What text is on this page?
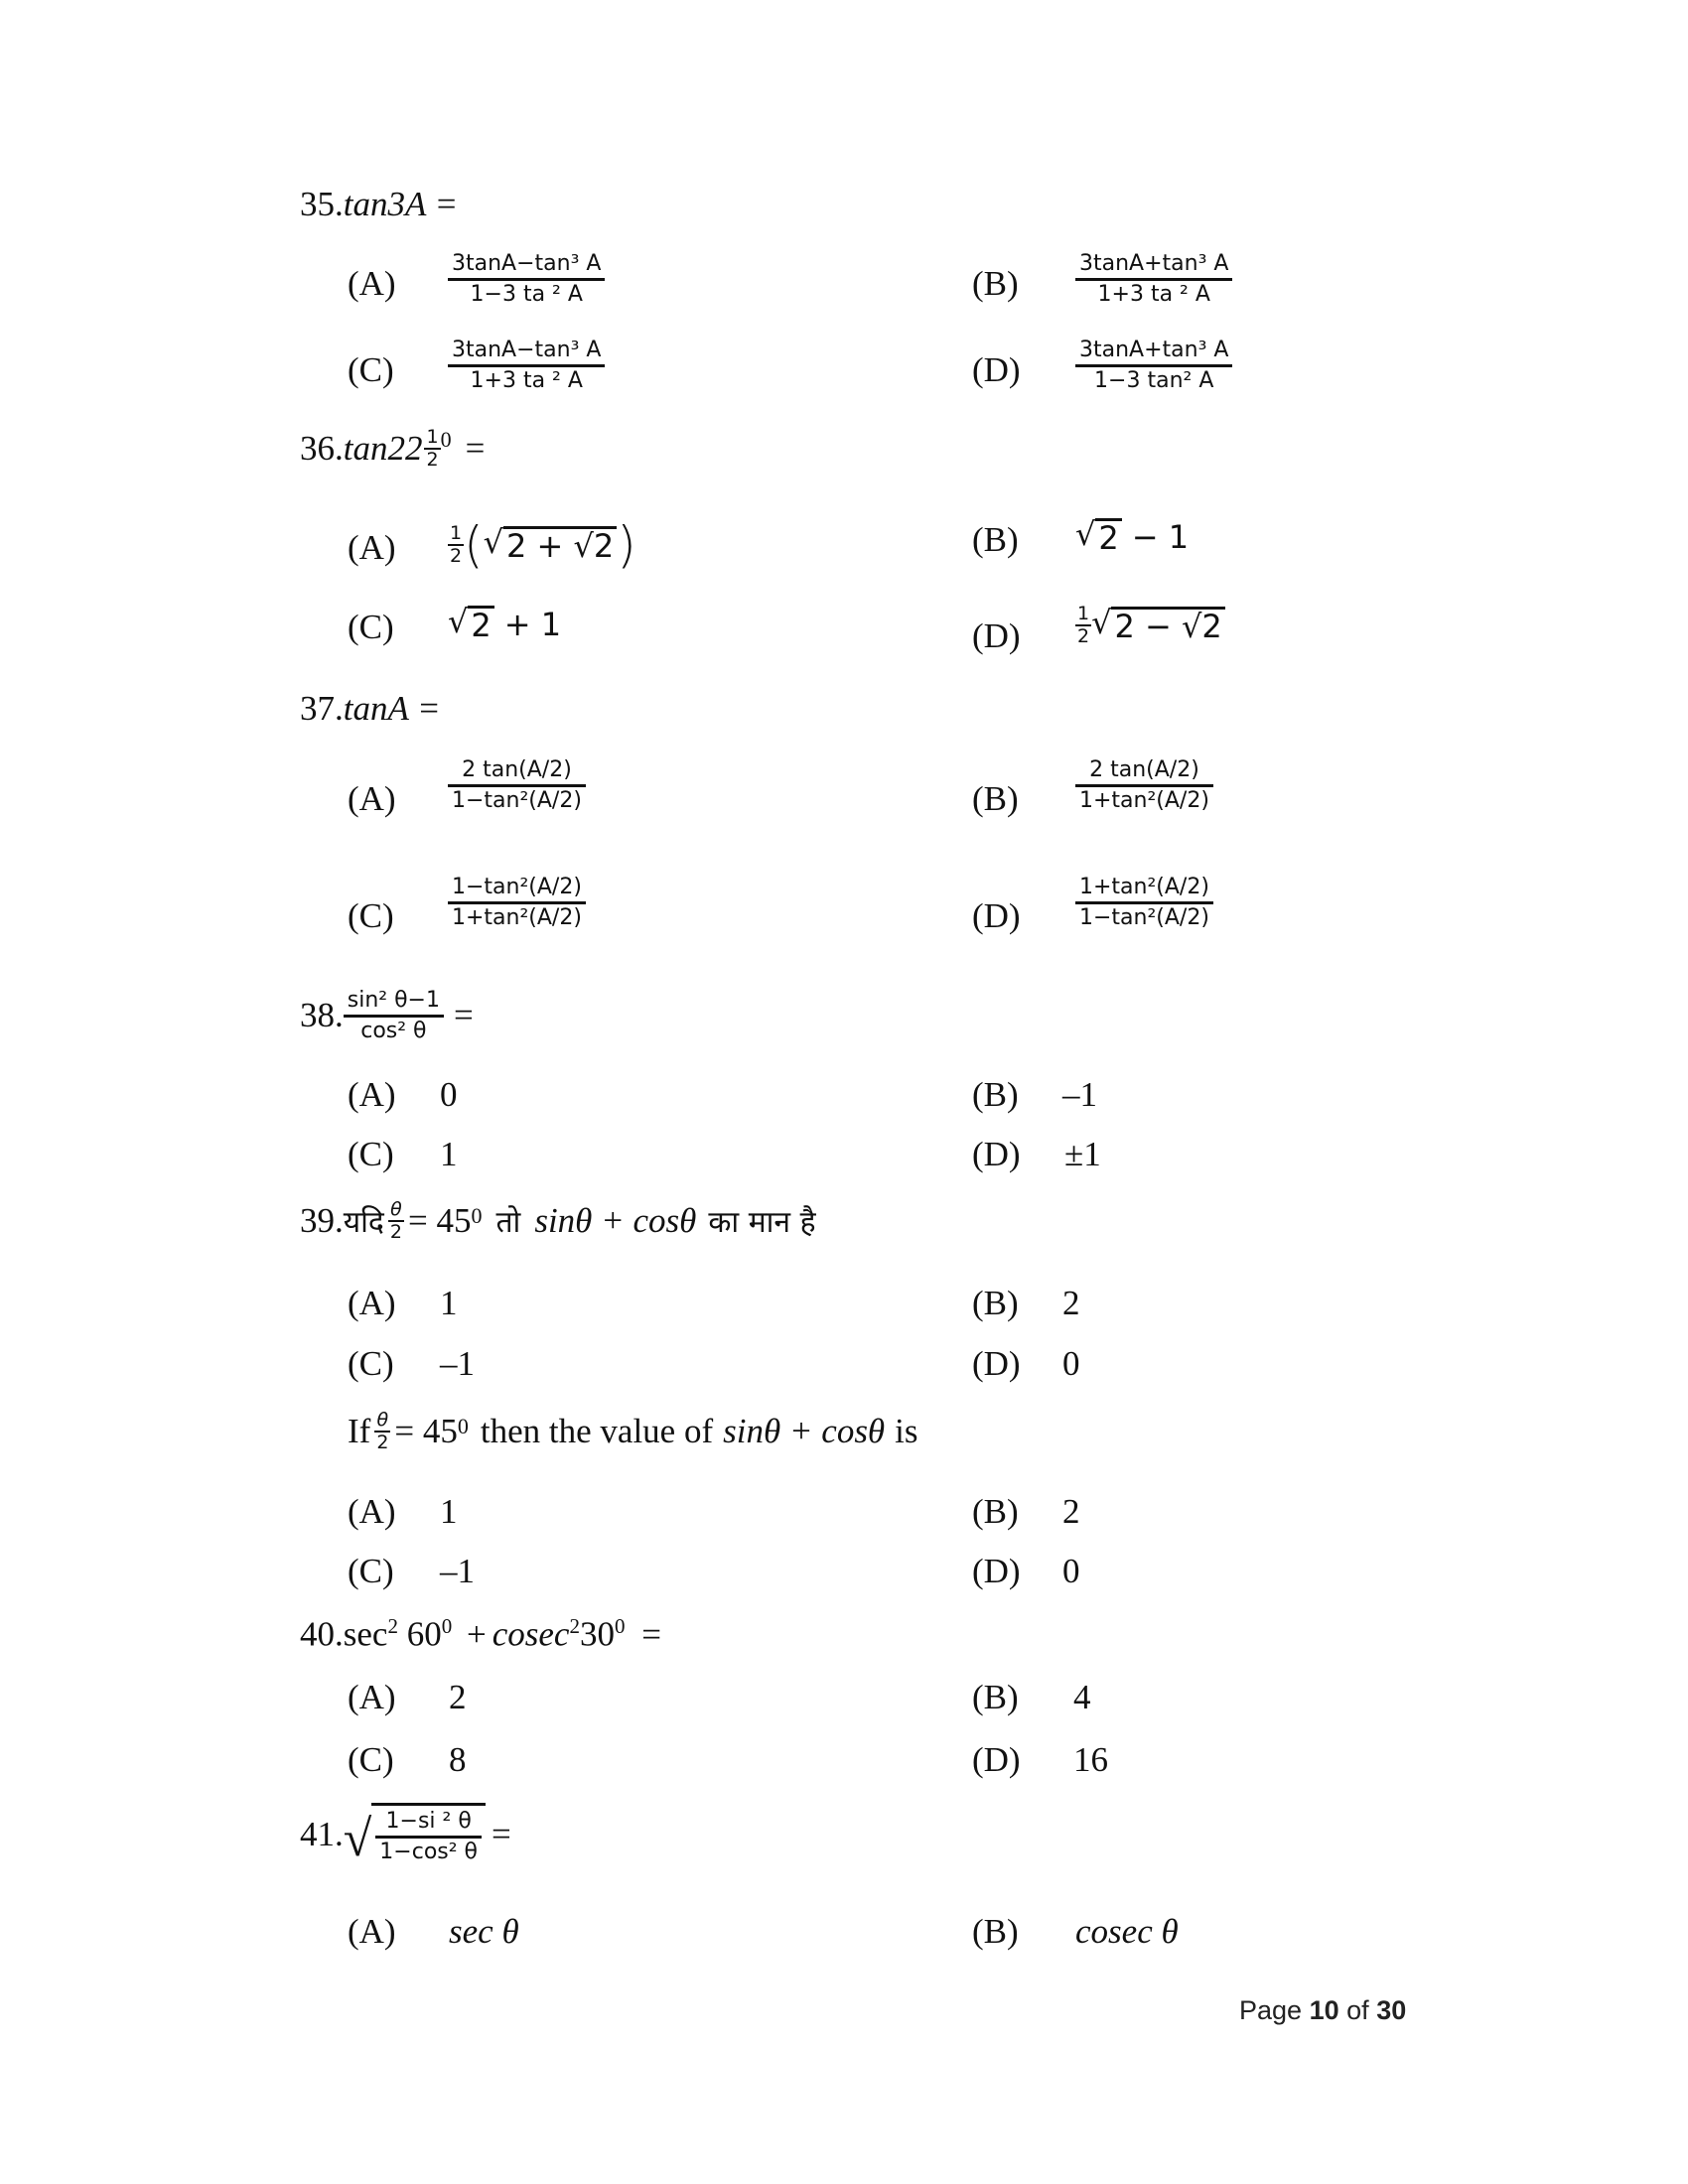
35.tan3A =
$(A) \frac{\text{3tanA−tan³ A}}{\text{1−3 ta ² A}}$	(B)	$\frac{\text{3tanA+tan³ A}}{\text{1+3 ta ² A}}$
$(C) \frac{\text{3tanA−tan³ A}}{\text{1+3 ta ² A}}$	(D)	$\frac{\text{3tanA+tan³ A}}{\text{1−3 tan² A}}$
36. $\tan 22 \frac{1}{2}^0$ =
(A)	$\frac{1}{2}$ ( √ 2 + √2 )	(B) √ 2 − 1
(C) √ 2 + 1	(D)	$\frac{1}{2}$ √ 2 − √2
37.tanA =
$(A) \frac{2 \tan(A/2)}{\text{1−tan²(A/2)}}$	(B)	$\frac{2 \tan(A/2)}{\text{1+tan²(A/2)}}$
$(C) \frac{\text{1−tan²(A/2)}}{\text{1+tan²(A/2)}}$	(D)	$\frac{\text{1+tan²(A/2)}}{\text{1−tan²(A/2)}}$
38. $\frac{\text{sin² θ−1}}{\text{cos² θ}}$ =
(A) 0	(B) –1
(C) 1	(D) ±1
39. यदि $\frac{\theta}{2} = 45$ 0 तो sinθ + cosθ का मान है
(A) 1	(B) 2
(C) –1	(D) 0
If $\frac{\theta}{2} = 45$ 0 then the value of sinθ + cosθ is
(A) 1	(B) 2
(C) –1	(D) 0
$40.\sec^2$ $60^0 + cosec^230^0$ =
(A) 2	(B) 4
(C) 8	(D) 16
41. √ $\frac{\text{1−si ² θ}}{\text{1−cos² θ}}$ =
(A) sec θ	(B) cosec θ
Page 10 of 30
